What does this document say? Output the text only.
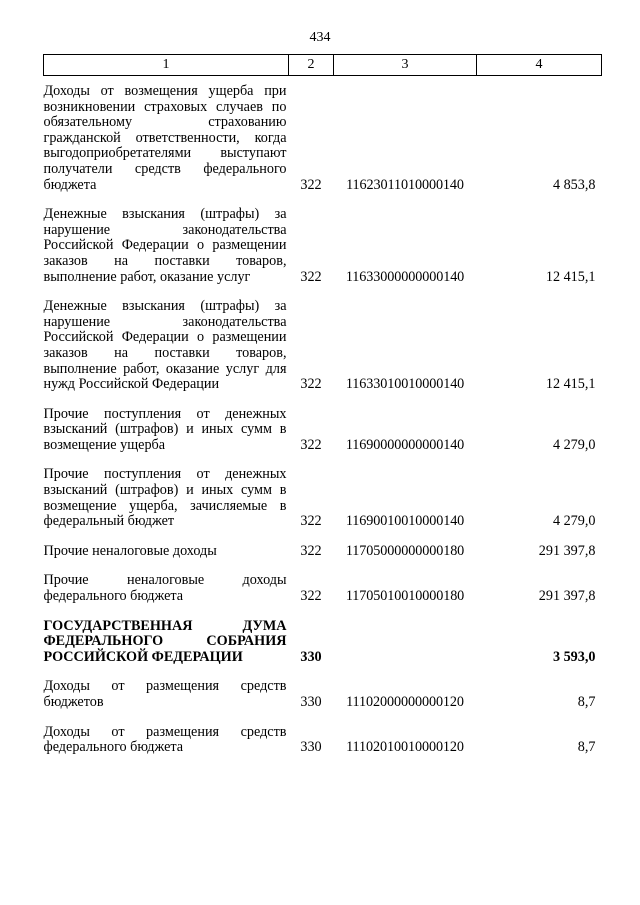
434
1	2	3	4
Доходы от возмещения ущерба при возникновении страховых случаев по обязательному страхованию гражданской ответственности, когда выгодоприобретателями выступают получатели средств федерального бюджета	322	11623011010000140	4 853,8
Денежные взыскания (штрафы) за нарушение законодательства Российской Федерации о размещении заказов на поставки товаров, выполнение работ, оказание услуг	322	11633000000000140	12 415,1
Денежные взыскания (штрафы) за нарушение законодательства Российской Федерации о размещении заказов на поставки товаров, выполнение работ, оказание услуг для нужд Российской Федерации	322	11633010010000140	12 415,1
Прочие поступления от денежных взысканий (штрафов) и иных сумм в возмещение ущерба	322	11690000000000140	4 279,0
Прочие поступления от денежных взысканий (штрафов) и иных сумм в возмещение ущерба, зачисляемые в федеральный бюджет	322	11690010010000140	4 279,0
Прочие неналоговые доходы	322	11705000000000180	291 397,8
Прочие неналоговые доходы федерального бюджета	322	11705010010000180	291 397,8
ГОСУДАРСТВЕННАЯ ДУМА ФЕДЕРАЛЬНОГО СОБРАНИЯ РОССИЙСКОЙ ФЕДЕРАЦИИ	330		3 593,0
Доходы от размещения средств бюджетов	330	11102000000000120	8,7
Доходы от размещения средств федерального бюджета	330	11102010010000120	8,7
